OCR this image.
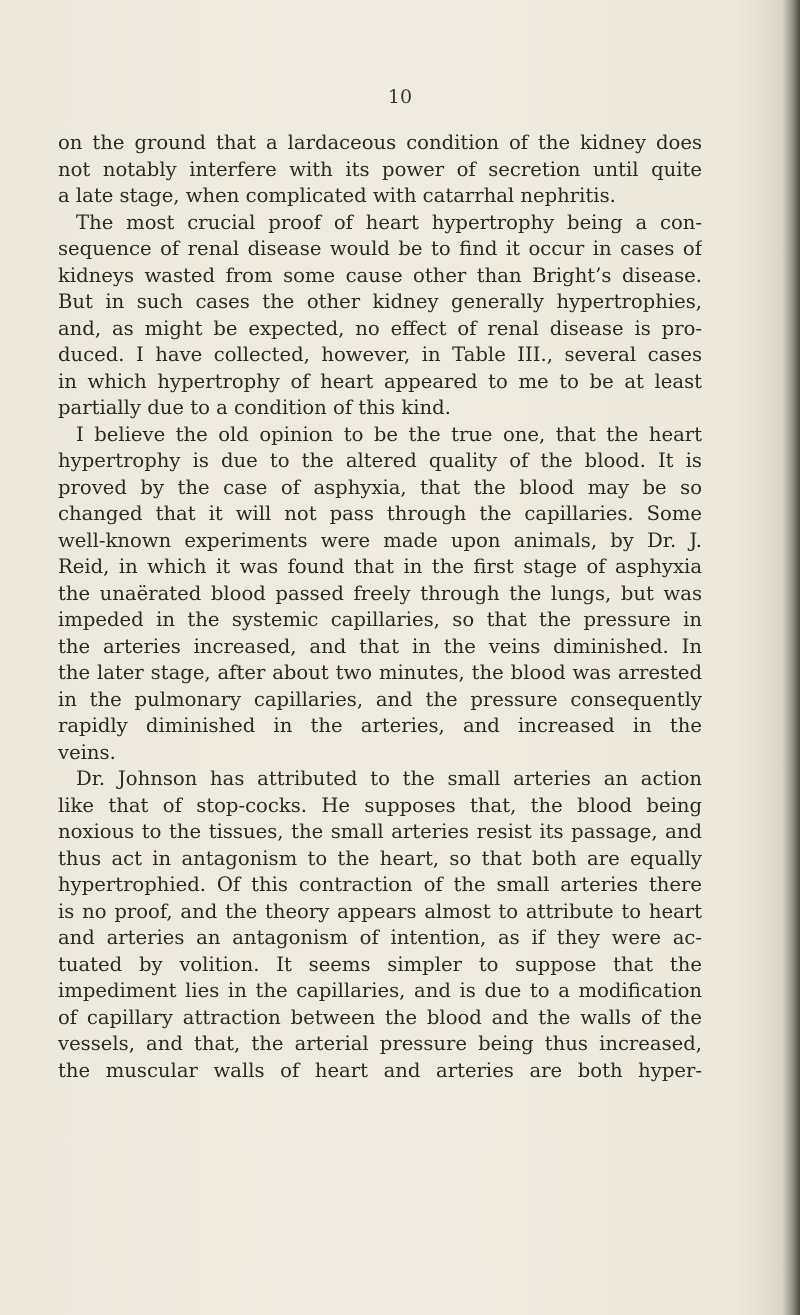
10
on the ground that a lardaceous condition of the kidney does
not notably interfere with its power of secretion until quite
a late stage, when complicated with catarrhal nephritis.
The most crucial proof of heart hypertrophy being a con-
sequence of renal disease would be to find it occur in cases of
kidneys wasted from some cause other than Bright’s disease.
But in such cases the other kidney generally hypertrophies,
and, as might be expected, no effect of renal disease is pro-
duced. I have collected, however, in Table III., several cases
in which hypertrophy of heart appeared to me to be at least
partially due to a condition of this kind.
I believe the old opinion to be the true one, that the heart
hypertrophy is due to the altered quality of the blood. It is
proved by the case of asphyxia, that the blood may be so
changed that it will not pass through the capillaries. Some
well-known experiments were made upon animals, by Dr. J.
Reid, in which it was found that in the first stage of asphyxia
the unaërated blood passed freely through the lungs, but was
impeded in the systemic capillaries, so that the pressure in
the arteries increased, and that in the veins diminished. In
the later stage, after about two minutes, the blood was arrested
in the pulmonary capillaries, and the pressure consequently
rapidly diminished in the arteries, and increased in the
veins.
Dr. Johnson has attributed to the small arteries an action
like that of stop-cocks. He supposes that, the blood being
noxious to the tissues, the small arteries resist its passage, and
thus act in antagonism to the heart, so that both are equally
hypertrophied. Of this contraction of the small arteries there
is no proof, and the theory appears almost to attribute to heart
and arteries an antagonism of intention, as if they were ac-
tuated by volition. It seems simpler to suppose that the
impediment lies in the capillaries, and is due to a modification
of capillary attraction between the blood and the walls of the
vessels, and that, the arterial pressure being thus increased,
the muscular walls of heart and arteries are both hyper-
